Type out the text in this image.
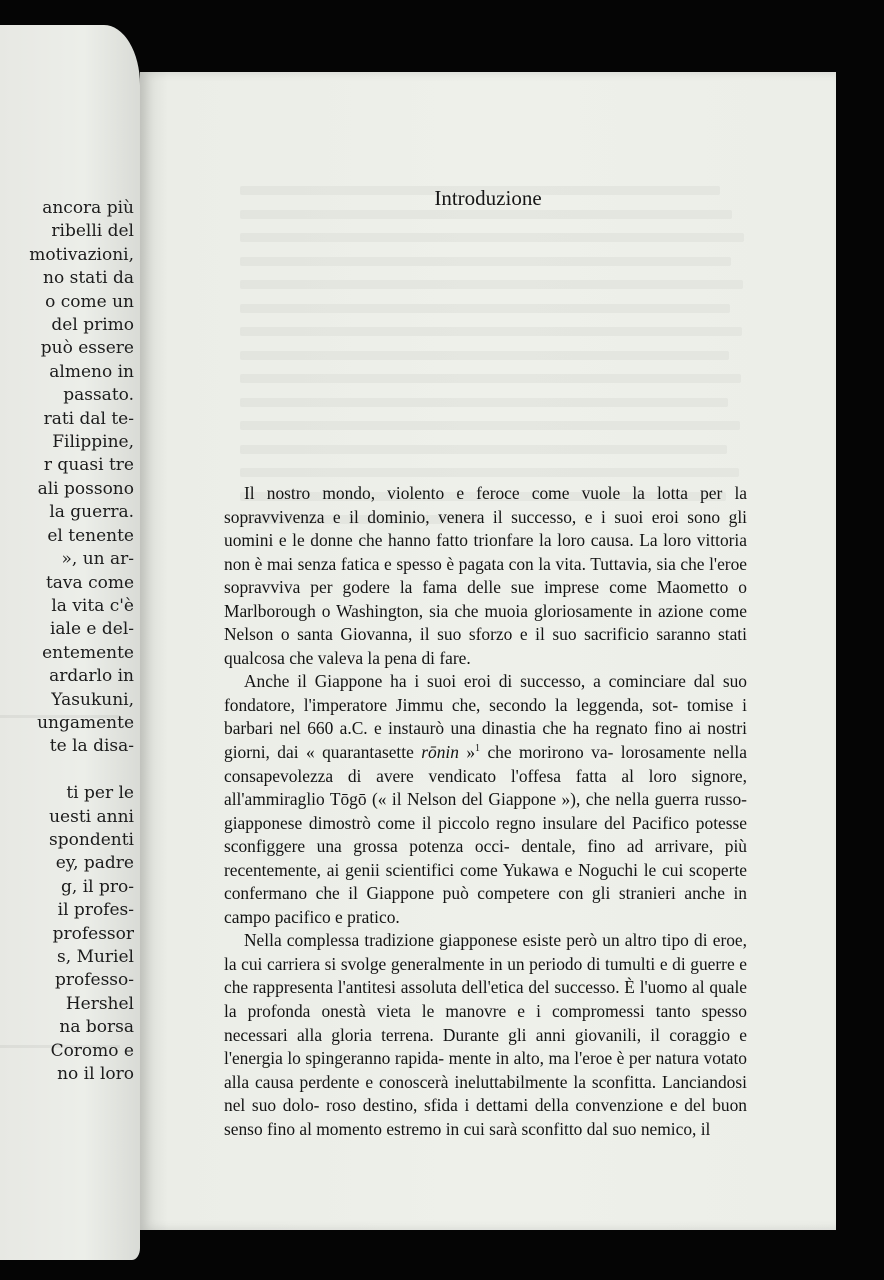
ancora più
ribelli del
motivazioni,
no stati da
o come un
del primo
può essere
almeno in
passato.
rati dal te-
Filippine,
r quasi tre
ali possono
la guerra.
el tenente
», un ar-
tava come
la vita c'è
iale e del-
entemente
ardarlo in
Yasukuni,
ungamente
te la disa-
ti per le
uesti anni
spondenti
ey, padre
g, il pro-
il profes-
professor
s, Muriel
professo-
Hershel
na borsa
Coromo e
no il loro
Introduzione

Il nostro mondo, violento e feroce come vuole la lotta per la sopravvivenza e il dominio, venera il successo, e i suoi eroi sono gli uomini e le donne che hanno fatto trionfare la loro causa. La loro vittoria non è mai senza fatica e spesso è pagata con la vita. Tuttavia, sia che l'eroe sopravviva per godere la fama delle sue imprese come Maometto o Marlborough o Washington, sia che muoia gloriosamente in azione come Nelson o santa Giovanna, il suo sforzo e il suo sacrificio saranno stati qualcosa che valeva la pena di fare.

Anche il Giappone ha i suoi eroi di successo, a cominciare dal suo fondatore, l'imperatore Jimmu che, secondo la leggenda, sot- tomise i barbari nel 660 a.C. e instaurò una dinastia che ha regnato fino ai nostri giorni, dai « quarantasette rōnin »$^1$ che morirono va- lorosamente nella consapevolezza di avere vendicato l'offesa fatta al loro signore, all'ammiraglio Tōgō (« il Nelson del Giappone »), che nella guerra russo-giapponese dimostrò come il piccolo regno insulare del Pacifico potesse sconfiggere una grossa potenza occi- dentale, fino ad arrivare, più recentemente, ai genii scientifici come Yukawa e Noguchi le cui scoperte confermano che il Giappone può competere con gli stranieri anche in campo pacifico e pratico.

Nella complessa tradizione giapponese esiste però un altro tipo di eroe, la cui carriera si svolge generalmente in un periodo di tumulti e di guerre e che rappresenta l'antitesi assoluta dell'etica del successo. È l'uomo al quale la profonda onestà vieta le manovre e i compromessi tanto spesso necessari alla gloria terrena. Durante gli anni giovanili, il coraggio e l'energia lo spingeranno rapida- mente in alto, ma l'eroe è per natura votato alla causa perdente e conoscerà ineluttabilmente la sconfitta. Lanciandosi nel suo dolo- roso destino, sfida i dettami della convenzione e del buon senso fino al momento estremo in cui sarà sconfitto dal suo nemico, il
